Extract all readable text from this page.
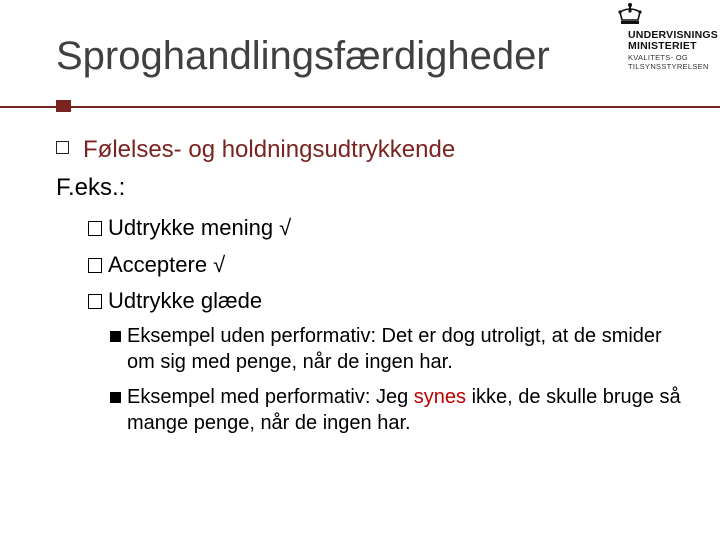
Sproghandlingsfærdigheder	UNDERVISNINGS
MINISTERIET
KVALITETS- OG
TILSYNSSTYRELSEN
Følelses- og holdningsudtrykkende
F.eks.:
Udtrykke mening √
Acceptere √
Udtrykke glæde
Eksempel uden performativ: Det er dog utroligt, at de smider om sig med penge, når de ingen har.
Eksempel med performativ: Jeg synes ikke, de skulle bruge så mange penge, når de ingen har.
